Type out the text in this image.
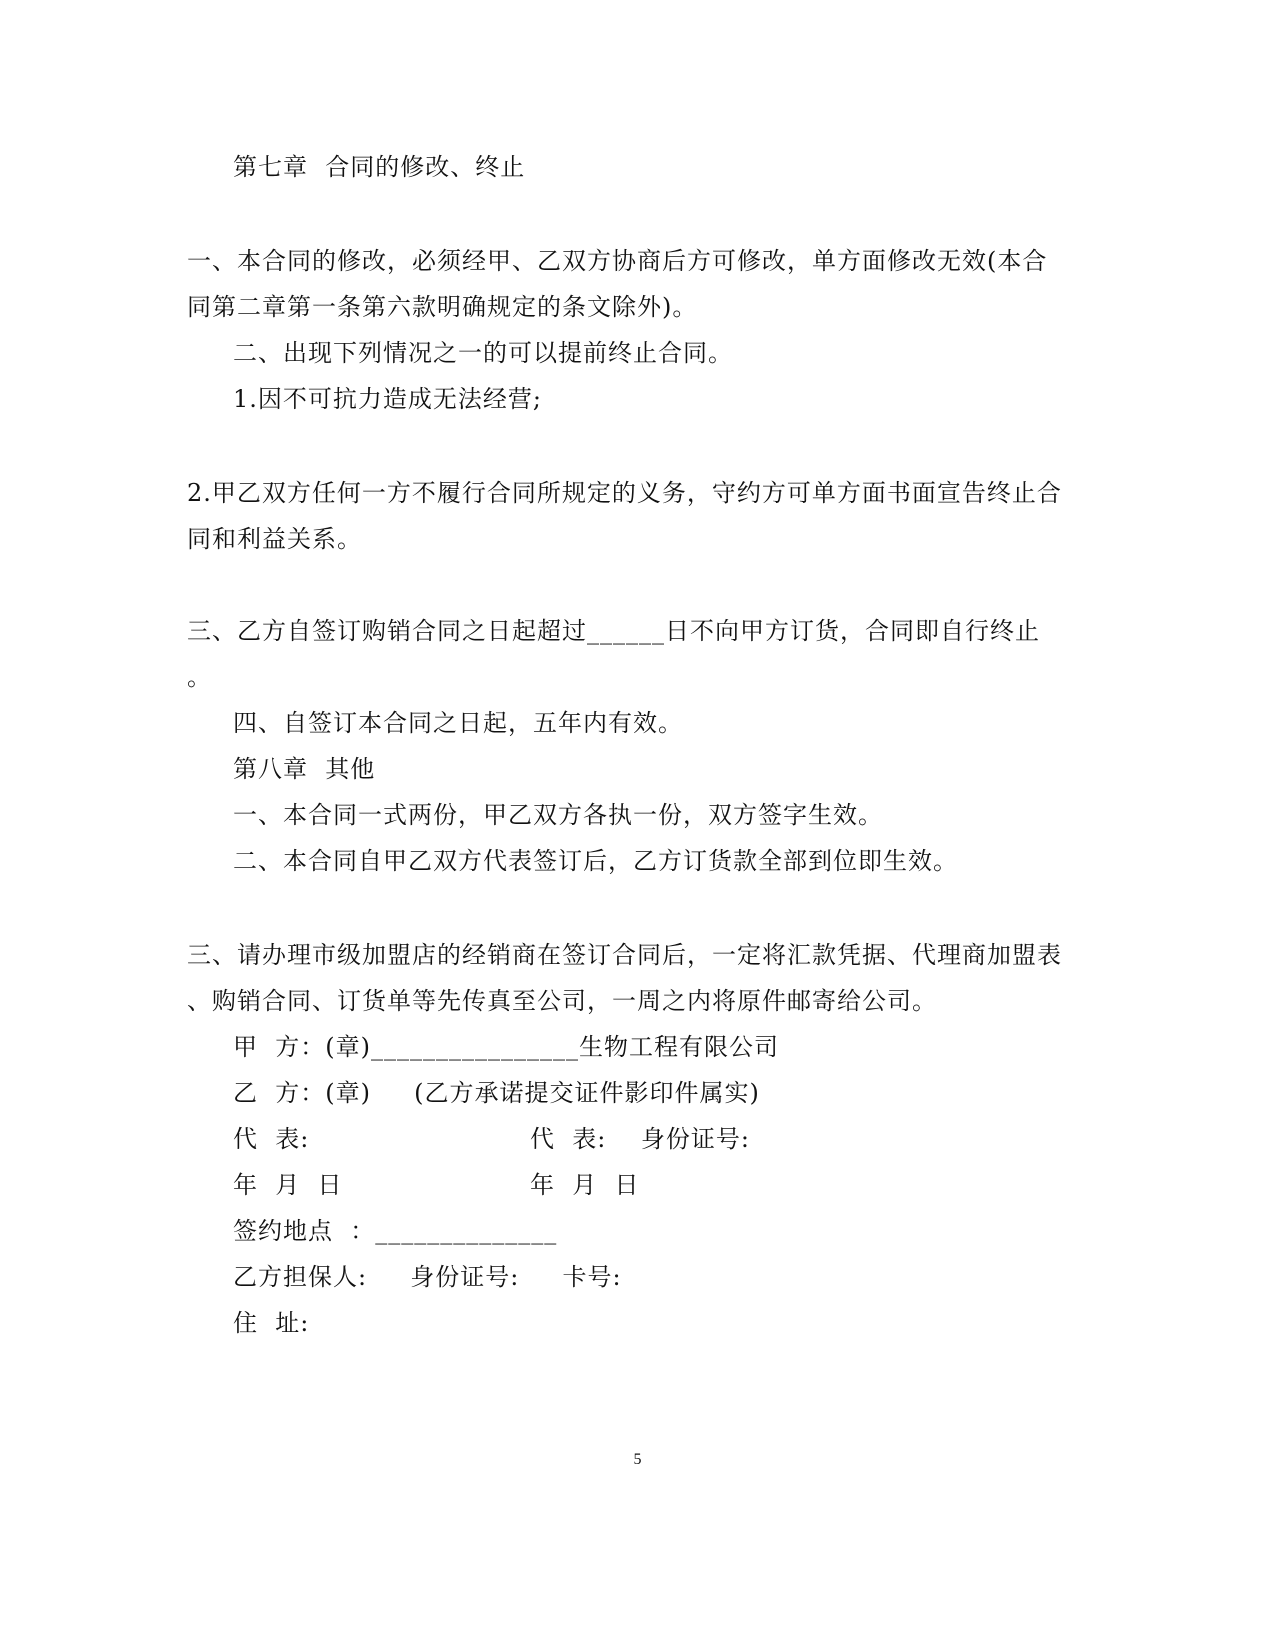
第七章  合同的修改、终止
一、本合同的修改，必须经甲、乙双方协商后方可修改，单方面修改无效(本合
同第二章第一条第六款明确规定的条文除外)。
二、出现下列情况之一的可以提前终止合同。
1.因不可抗力造成无法经营;
2.甲乙双方任何一方不履行合同所规定的义务，守约方可单方面书面宣告终止合
同和利益关系。
三、乙方自签订购销合同之日起超过______日不向甲方订货，合同即自行终止
。
四、自签订本合同之日起，五年内有效。
第八章  其他
一、本合同一式两份，甲乙双方各执一份，双方签字生效。
二、本合同自甲乙双方代表签订后，乙方订货款全部到位即生效。
三、请办理市级加盟店的经销商在签订合同后，一定将汇款凭据、代理商加盟表
、购销合同、订货单等先传真至公司，一周之内将原件邮寄给公司。
甲  方：(章)________________生物工程有限公司
乙  方：(章)     (乙方承诺提交证件影印件属实)
代  表:	代  表:    身份证号:
年  月  日	年  月  日
签约地点  ：______________
乙方担保人:     身份证号:     卡号:
住  址:
5
